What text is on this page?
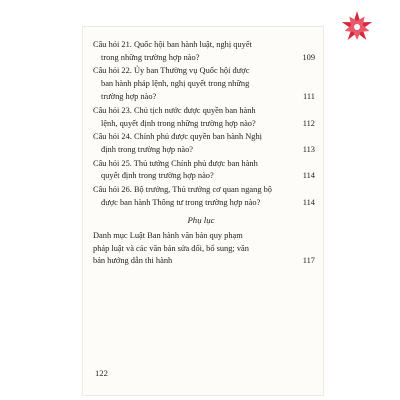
Câu hỏi 21. Quốc hội ban hành luật, nghị quyết
trong những trường hợp nào?	109
Câu hỏi 22. Ủy ban Thường vụ Quốc hội được
ban hành pháp lệnh, nghị quyết trong những
trường hợp nào?	111
Câu hỏi 23. Chủ tịch nước được quyền ban hành
lệnh, quyết định trong những trường hợp nào?	112
Câu hỏi 24. Chính phủ được quyền ban hành Nghị
định trong trường hợp nào?	113
Câu hỏi 25. Thủ tướng Chính phủ được ban hành
quyết định trong trường hợp nào?	114
Câu hỏi 26. Bộ trưởng, Thủ trưởng cơ quan ngang bộ
được ban hành Thông tư trong trường hợp nào?	114
Phụ lục
Danh mục Luật Ban hành văn bản quy phạm
pháp luật và các văn bản sửa đổi, bổ sung; văn
bản hướng dẫn thi hành	117
122
